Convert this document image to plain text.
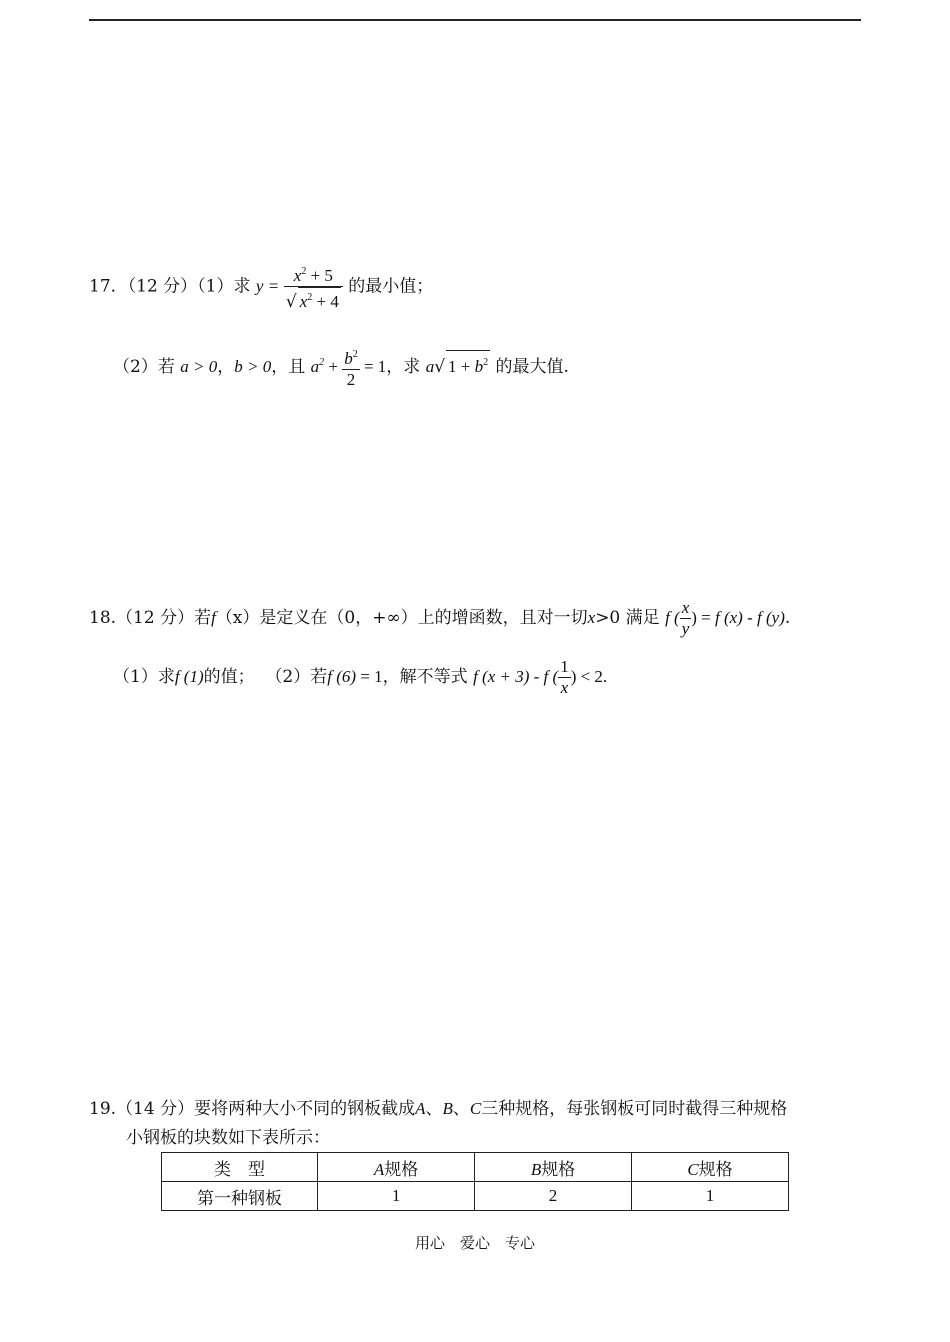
17．（12 分）（1）求 $y = \frac{x^2 + 5}{√ x^2 + 4}$ 的最小值；
（2）若 a > 0，b > 0，且 $a^2 + \frac{b^2}{2} = 1$，求 a√ $1 + b^2$ 的最大值.
18.（12 分）若f（x）是定义在（0，+∞）上的增函数，且对一切x>0 满足 f ( $\frac{x}{y}$ ) = f (x) - f (y).
（1）求f (1)的值； （2）若f (6) = 1，解不等式 f (x + 3) - f ( $\frac{1}{x}$ ) < 2.
19.（14 分）要将两种大小不同的钢板截成A、B、C三种规格，每张钢板可同时截得三种规格
小钢板的块数如下表所示：
类　型	A规格	B规格	C规格
第一种钢板	1	2	1
用心　爱心　专心
